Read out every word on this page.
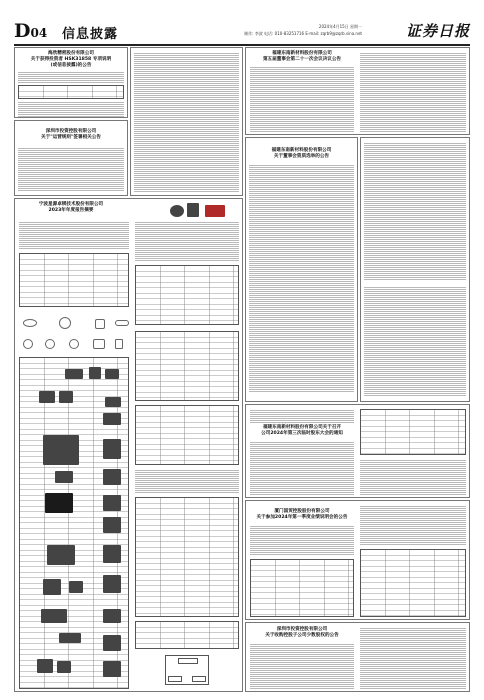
D04 信息披露
2024年4月15日 星期一
制作: 李波 电话: 010-83251716 E-mail: zqrb9@zqrb.sina.net	证券日报
海欣精密股份有限公司
关于获得投资者 HSK31858 专项说明
(或信息披露)的公告
深圳市投资控股有限公司
关于"运营规则"签署相关公告
宁波星源卓镁技术股份有限公司
2023年年度报告摘要
福建东南新材料股份有限公司
第五届董事会第二十一次会议决议公告
福建东南新材料股份有限公司
关于董事会资质选举的公告
福建东南新材料股份有限公司关于召开
公司2024年第三次临时股东大会的通知
厦门国贸控股股份有限公司
关于参加2024年第一季度业绩说明会的公告
深圳市投资控股有限公司
关于收购控股子公司少数股权的公告
